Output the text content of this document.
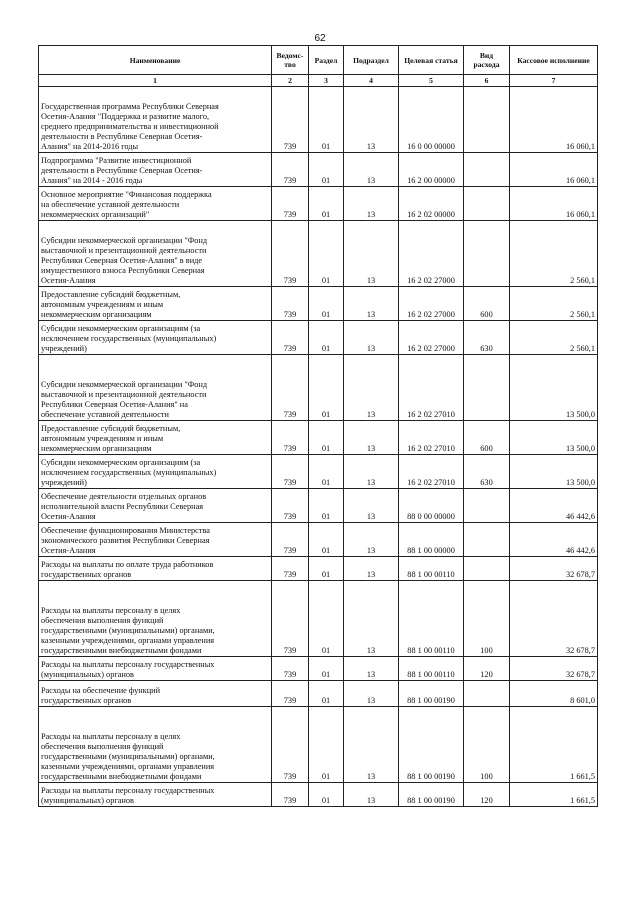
62
Наименование	Ведомс-тво	Раздел	Подраздел	Целевая статья	Вид расхода	Кассовое исполнение
1	2	3	4	5	6	7
Государственная программа Республики Северная
Осетия-Алания "Поддержка и развитие малого,
среднего предпринимательства и инвестиционной
деятельности в Республике Северная Осетия-
Алания" на 2014-2016 годы	739	01	13	16 0 00 00000		16 060,1
Подпрограмма "Развитие инвестиционной
деятельности в Республике Северная Осетия-
Алания" на 2014 - 2016 годы	739	01	13	16 2 00 00000		16 060,1
Основное мероприятие "Финансовая поддержка
на обеспечение уставной деятельности
некоммерческих организаций"	739	01	13	16 2 02 00000		16 060,1
Субсидии некоммерческой организации "Фонд
выставочной и презентационной деятельности
Республики Северная Осетия-Алания" в виде
имущественного взноса Республики Северная
Осетия-Алания	739	01	13	16 2 02 27000		2 560,1
Предоставление субсидий бюджетным,
автономным учреждениям и иным
некоммерческим организациям	739	01	13	16 2 02 27000	600	2 560,1
Субсидии некоммерческим организациям (за
исключением государственных (муниципальных)
учреждений)	739	01	13	16 2 02 27000	630	2 560,1

Субсидии некоммерческой организации "Фонд
выставочной и презентационной деятельности
Республики Северная Осетия-Алания" на
обеспечение уставной деятельности	739	01	13	16 2 02 27010		13 500,0
Предоставление субсидий бюджетным,
автономным учреждениям и иным
некоммерческим организациям	739	01	13	16 2 02 27010	600	13 500,0
Субсидии некоммерческим организациям (за
исключением государственных (муниципальных)
учреждений)	739	01	13	16 2 02 27010	630	13 500,0
Обеспечение деятельности отдельных органов
исполнительной власти Республики Северная
Осетия-Алания	739	01	13	88 0 00 00000		46 442,6
Обеспечение функционирования Министерства
экономического развития Республики Северная
Осетия-Алания	739	01	13	88 1 00 00000		46 442,6
Расходы на выплаты по оплате труда работников
государственных органов	739	01	13	88 1 00 00110		32 678,7

Расходы на выплаты персоналу в целях
обеспечения выполнения функций
государственными (муниципальными) органами,
казенными учреждениями, органами управления
государственными внебюджетными фондами	739	01	13	88 1 00 00110	100	32 678,7
Расходы на выплаты персоналу государственных
(муниципальных) органов	739	01	13	88 1 00 00110	120	32 678,7
Расходы на обеспечение функций
государственных органов	739	01	13	88 1 00 00190		8 601,0

Расходы на выплаты персоналу в целях
обеспечения выполнения функций
государственными (муниципальными) органами,
казенными учреждениями, органами управления
государственными внебюджетными фондами	739	01	13	88 1 00 00190	100	1 661,5
Расходы на выплаты персоналу государственных
(муниципальных) органов	739	01	13	88 1 00 00190	120	1 661,5
